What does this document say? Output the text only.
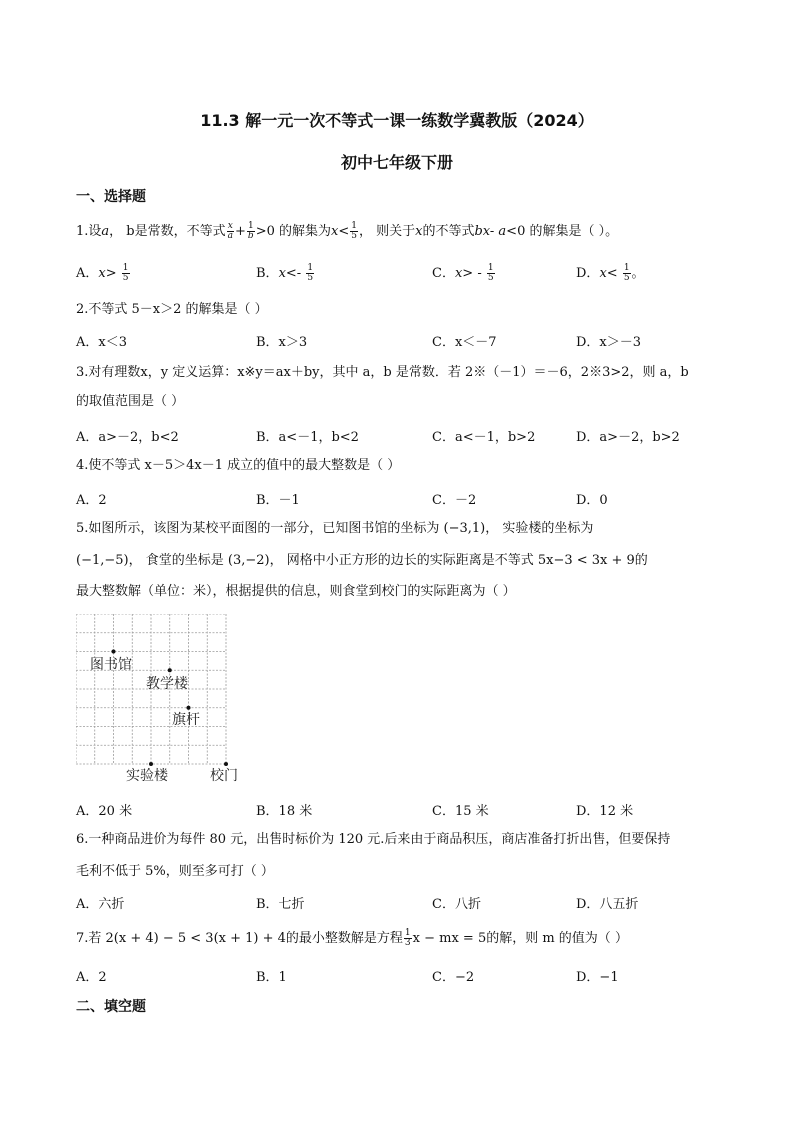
11.3 解一元一次不等式一课一练数学冀教版（2024）
初中七年级下册
一、选择题
1.设a， b是常数，不等式 $\frac{x}{a} + \frac{1}{b} >0$ 的解集为$x< \frac{1}{5}$ ， 则关于x的不等式bx- a<0 的解集是（ ）。
A．$x> \frac{1}{5}$	B．$x<- \frac{1}{5}$	C．$x> - \frac{1}{5}$	D．$x< \frac{1}{5}$ 。
2.不等式 5－x＞2 的解集是（ ）
A．x＜3	B．x＞3	C．x＜－7	D．x＞－3
3.对有理数x，y 定义运算：x※y＝ax＋by，其中 a，b 是常数．若 2※（－1）＝－6，2※3>2，则 a，b
的取值范围是（ ）
A．a>－2，b<2	B．a<－1，b<2	C．a<－1，b>2	D．a>－2，b>2
4.使不等式 x－5＞4x－1 成立的值中的最大整数是（ ）
A．2	B．－1	C．－2	D．0
5.如图所示，该图为某校平面图的一部分，已知图书馆的坐标为 (−3,1)， 实验楼的坐标为
(−1,−5)， 食堂的坐标是 (3,−2)， 网格中小正方形的边长的实际距离是不等式 5x−3 < 3x + 9的
最大整数解（单位：米），根据提供的信息，则食堂到校门的实际距离为（ ）
图书馆
教学楼
旗杆
实验楼	校门
A．20 米	B．18 米	C．15 米	D．12 米
6.一种商品进价为每件 80 元，出售时标价为 120 元.后来由于商品积压，商店准备打折出售，但要保持
毛利不低于 5%，则至多可打（ ）
A．六折	B．七折	C．八折	D．八五折
7.若 2(x + 4) − 5 < 3(x + 1) + 4的最小整数解是方程 $\frac{1}{3}$ x − mx = 5的解，则 m 的值为（ ）
A．2	B．1	C．−2	D．−1
二、填空题
